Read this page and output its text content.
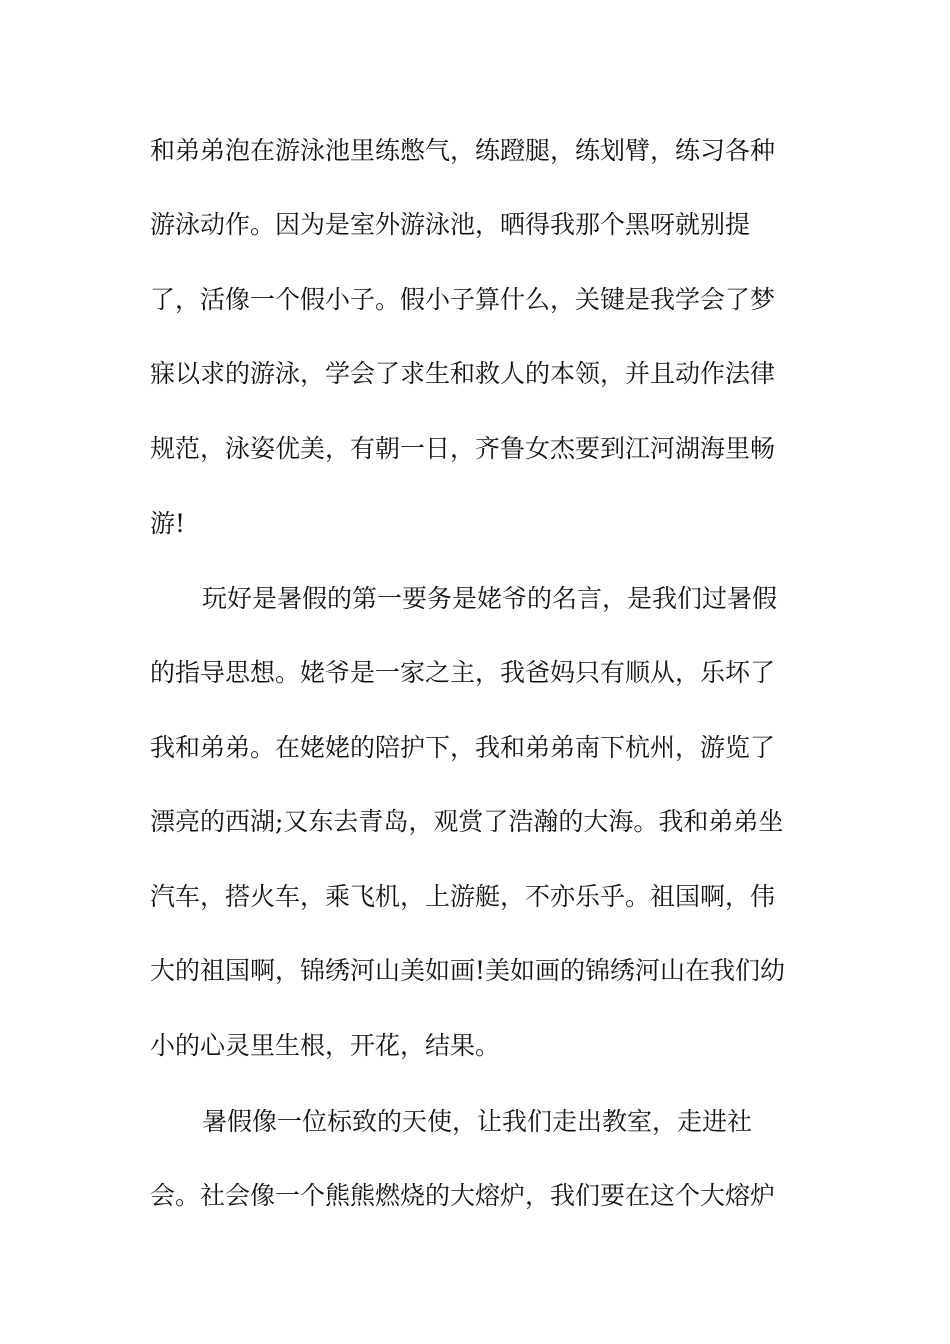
和弟弟泡在游泳池里练憋气，练蹬腿，练划臂，练习各种
游泳动作。因为是室外游泳池，晒得我那个黑呀就别提
了，活像一个假小子。假小子算什么，关键是我学会了梦
寐以求的游泳，学会了求生和救人的本领，并且动作法律
规范，泳姿优美，有朝一日，齐鲁女杰要到江河湖海里畅
游!
玩好是暑假的第一要务是姥爷的名言，是我们过暑假
的指导思想。姥爷是一家之主，我爸妈只有顺从，乐坏了
我和弟弟。在姥姥的陪护下，我和弟弟南下杭州，游览了
漂亮的西湖;又东去青岛，观赏了浩瀚的大海。我和弟弟坐
汽车，搭火车，乘飞机，上游艇，不亦乐乎。祖国啊，伟
大的祖国啊，锦绣河山美如画!美如画的锦绣河山在我们幼
小的心灵里生根，开花，结果。
暑假像一位标致的天使，让我们走出教室，走进社
会。社会像一个熊熊燃烧的大熔炉，我们要在这个大熔炉
